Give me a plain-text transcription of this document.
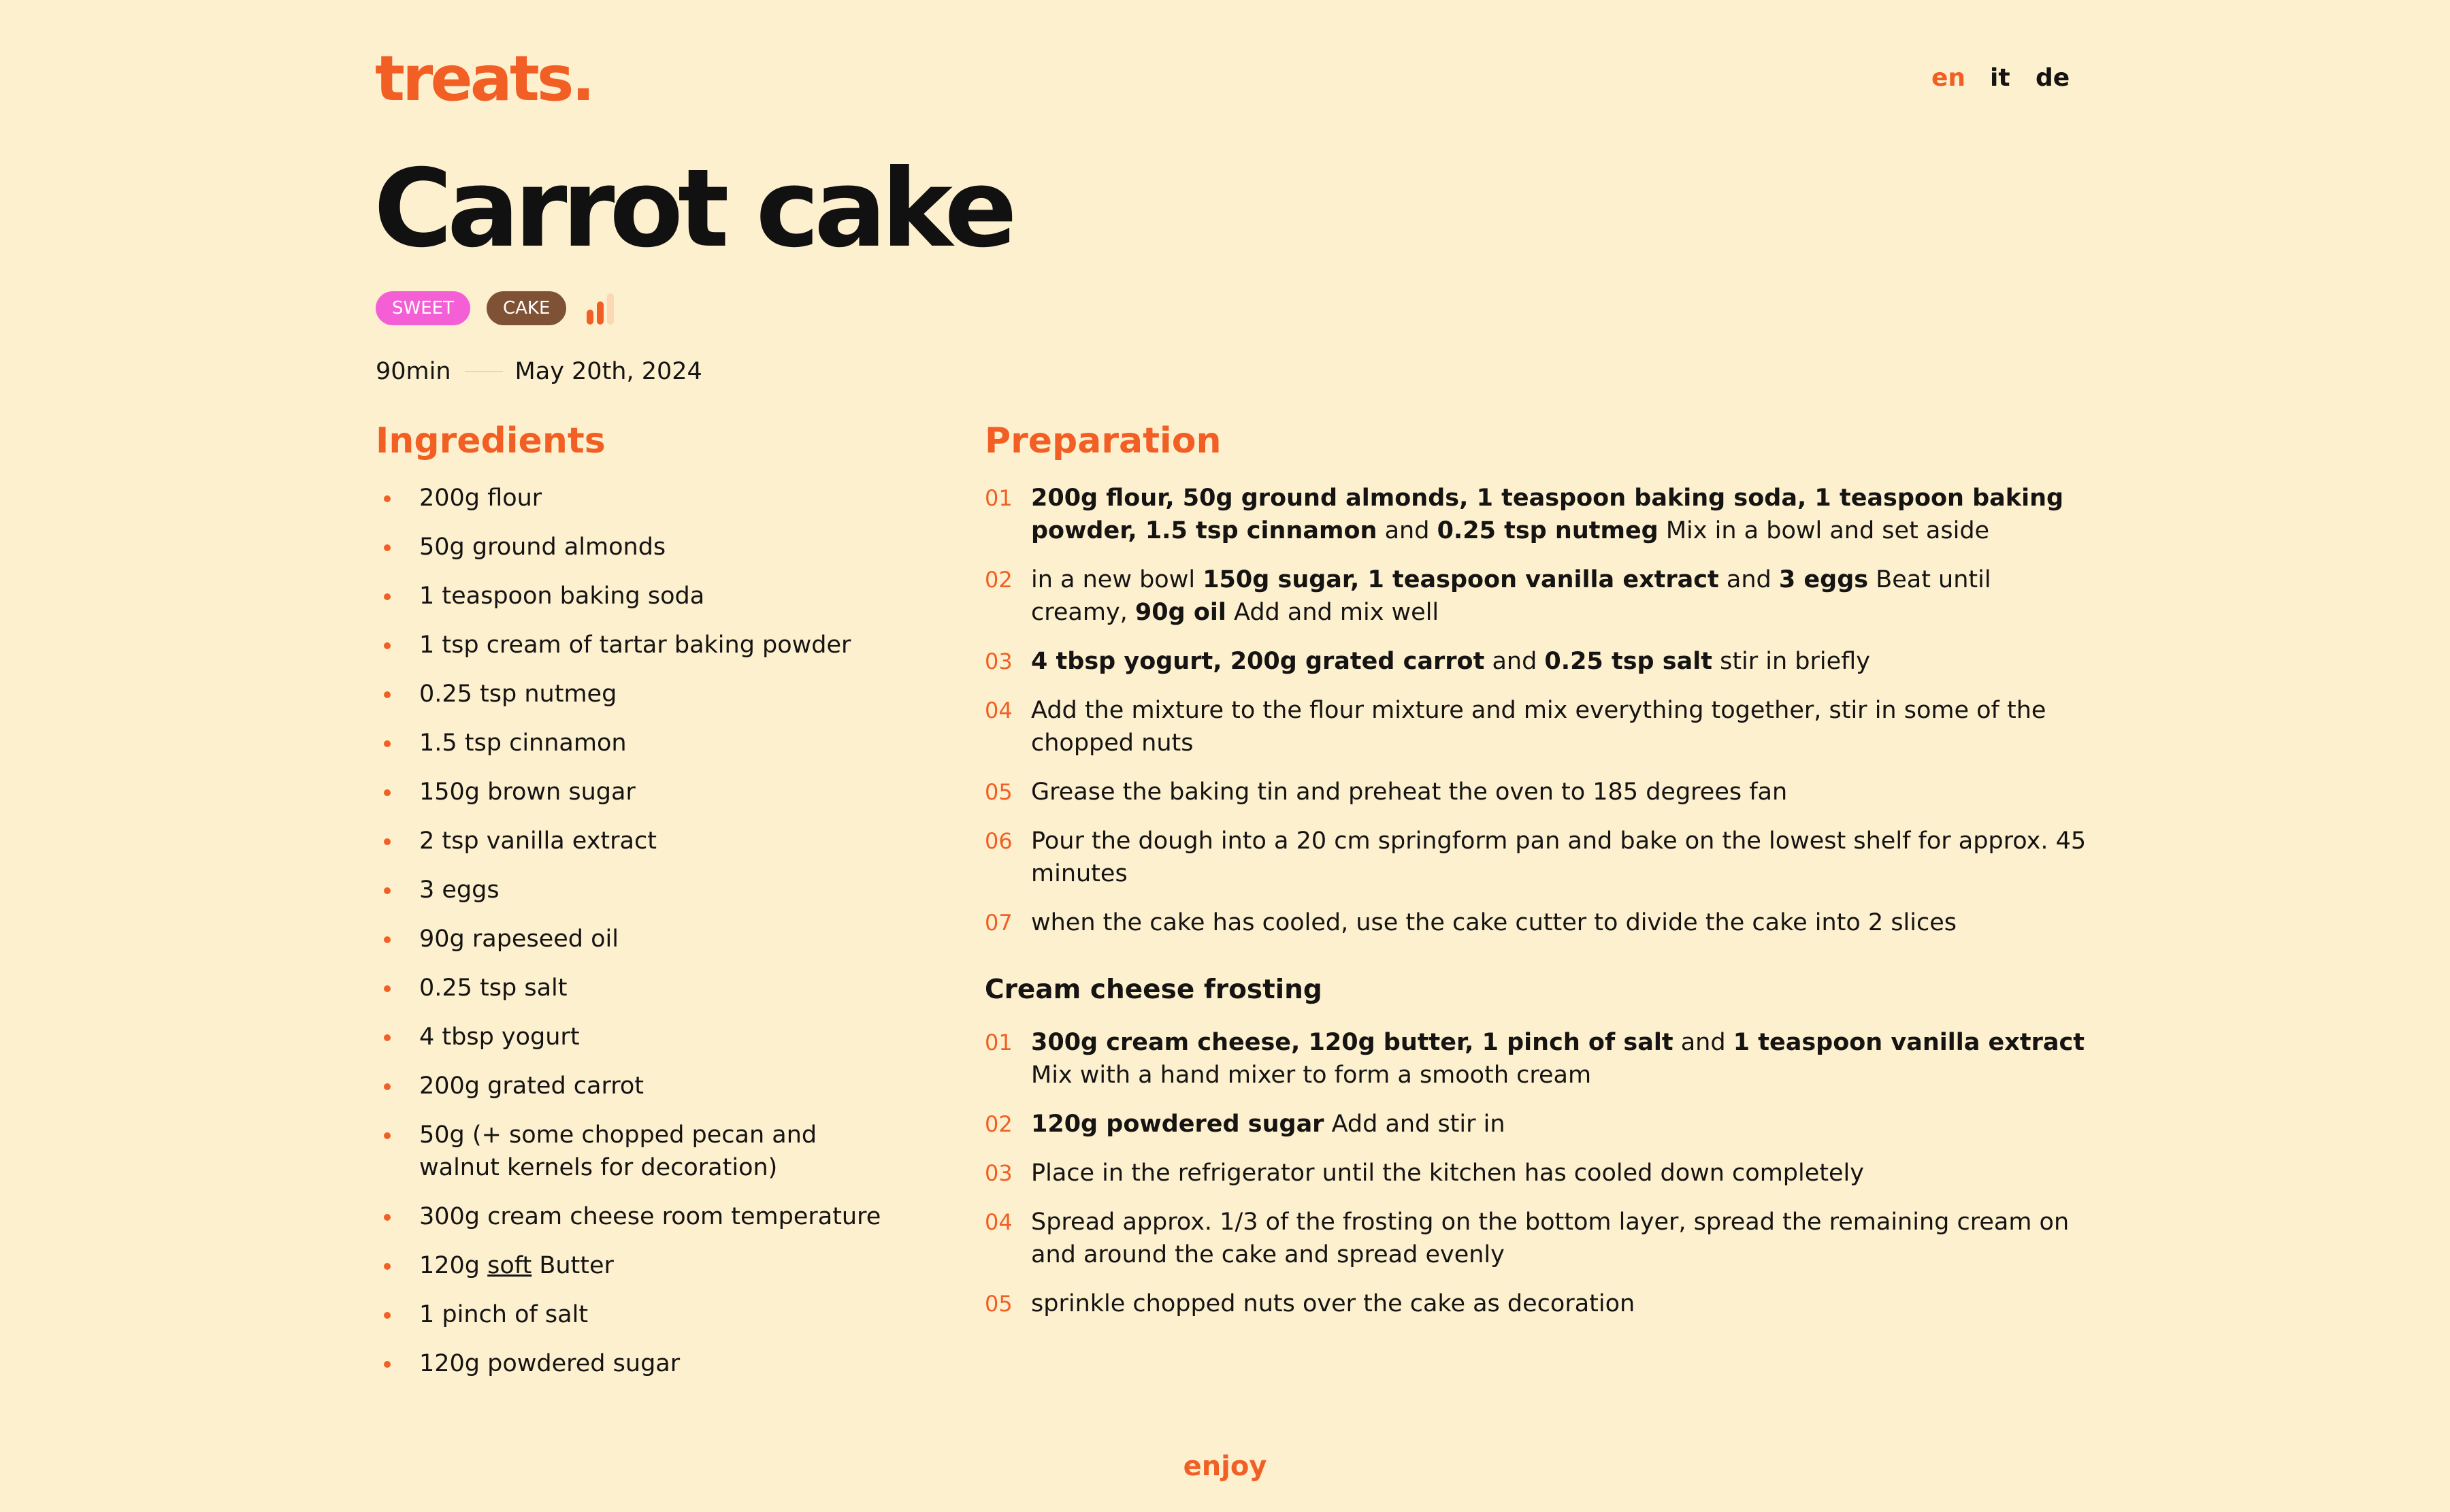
treats.	en it de
Carrot cake
SWEET	CAKE
90min	May 20th, 2024
Ingredients
200g flour
50g ground almonds
1 teaspoon baking soda
1 tsp cream of tartar baking powder
0.25 tsp nutmeg
1.5 tsp cinnamon
150g brown sugar
2 tsp vanilla extract
3 eggs
90g rapeseed oil
0.25 tsp salt
4 tbsp yogurt
200g grated carrot
50g (+ some chopped pecan and walnut kernels for decoration)
300g cream cheese room temperature
120g soft Butter
1 pinch of salt
120g powdered sugar
Preparation
01 200g flour, 50g ground almonds, 1 teaspoon baking soda, 1 teaspoon baking powder, 1.5 tsp cinnamon and 0.25 tsp nutmeg Mix in a bowl and set aside
02 in a new bowl 150g sugar, 1 teaspoon vanilla extract and 3 eggs Beat until creamy, 90g oil Add and mix well
03 4 tbsp yogurt, 200g grated carrot and 0.25 tsp salt stir in briefly
04 Add the mixture to the flour mixture and mix everything together, stir in some of the chopped nuts
05 Grease the baking tin and preheat the oven to 185 degrees fan
06 Pour the dough into a 20 cm springform pan and bake on the lowest shelf for approx. 45 minutes
07 when the cake has cooled, use the cake cutter to divide the cake into 2 slices
Cream cheese frosting
01 300g cream cheese, 120g butter, 1 pinch of salt and 1 teaspoon vanilla extract Mix with a hand mixer to form a smooth cream
02 120g powdered sugar Add and stir in
03 Place in the refrigerator until the kitchen has cooled down completely
04 Spread approx. 1/3 of the frosting on the bottom layer, spread the remaining cream on and around the cake and spread evenly
05 sprinkle chopped nuts over the cake as decoration
enjoy
